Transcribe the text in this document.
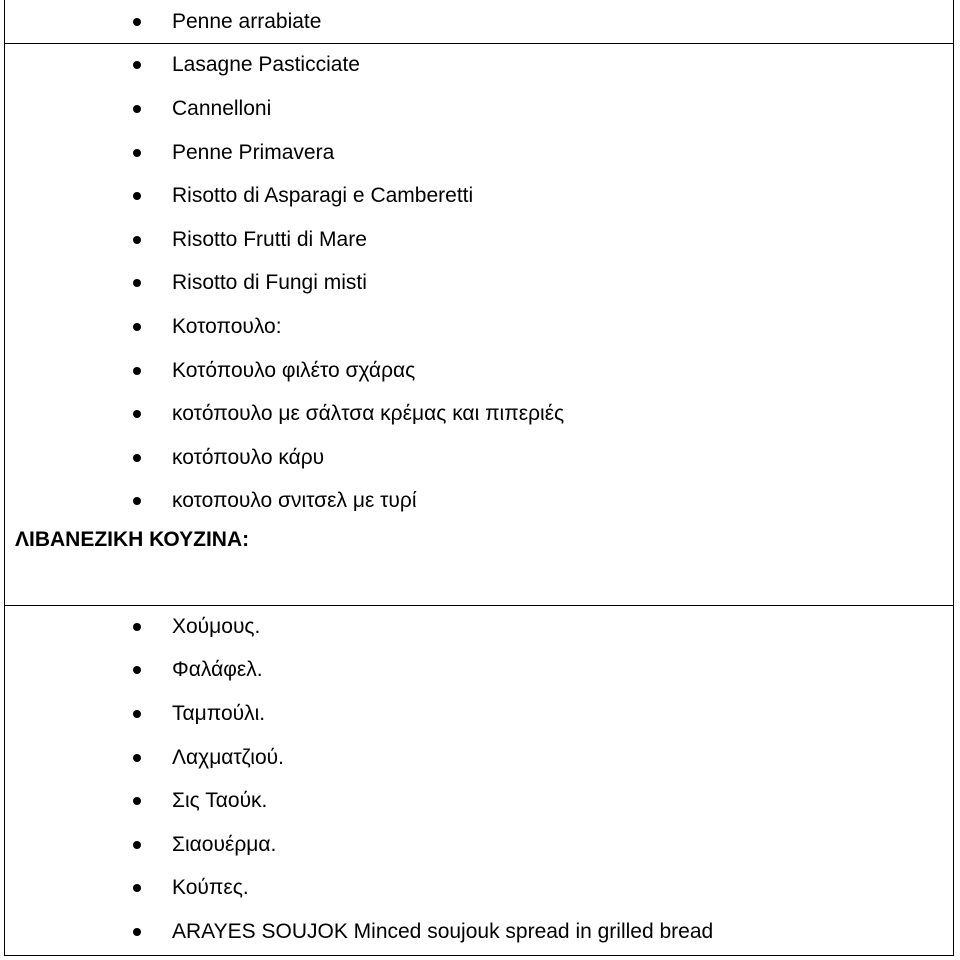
Penne arrabiate
Lasagne Pasticciate
Cannelloni
Penne Primavera
Risotto di Asparagi e Camberetti
Risotto Frutti di Mare
Risotto di Fungi misti
Κοτοπουλο:
Κοτόπουλο φιλέτο σχάρας
κοτόπουλο με σάλτσα κρέμας και πιπεριές
κοτόπουλο κάρυ
κοτοπουλο σνιτσελ με τυρί
ΛΙΒΑΝΕΖΙΚΗ ΚΟΥΖΙΝΑ:
Χούμους.
Φαλάφελ.
Ταμπούλι.
Λαχματζιού.
Σις Ταούκ.
Σιαουέρμα.
Κούπες.
ARAYES SOUJOK Minced soujouk spread in grilled bread
